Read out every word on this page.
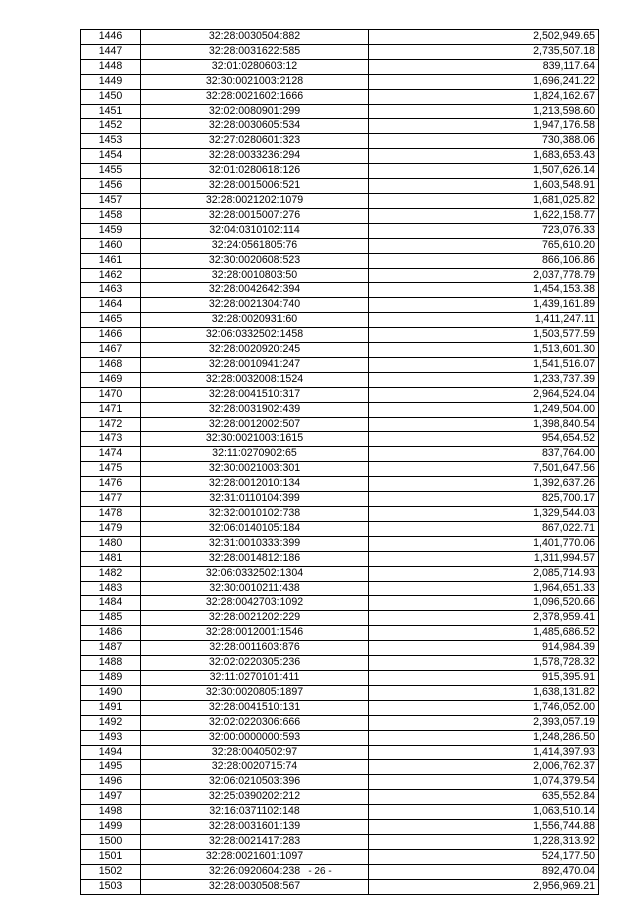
1446	32:28:0030504:882	2,502,949.65
1447	32:28:0031622:585	2,735,507.18
1448	32:01:0280603:12	839,117.64
1449	32:30:0021003:2128	1,696,241.22
1450	32:28:0021602:1666	1,824,162.67
1451	32:02:0080901:299	1,213,598.60
1452	32:28:0030605:534	1,947,176.58
1453	32:27:0280601:323	730,388.06
1454	32:28:0033236:294	1,683,653.43
1455	32:01:0280618:126	1,507,626.14
1456	32:28:0015006:521	1,603,548.91
1457	32:28:0021202:1079	1,681,025.82
1458	32:28:0015007:276	1,622,158.77
1459	32:04:0310102:114	723,076.33
1460	32:24:0561805:76	765,610.20
1461	32:30:0020608:523	866,106.86
1462	32:28:0010803:50	2,037,778.79
1463	32:28:0042642:394	1,454,153.38
1464	32:28:0021304:740	1,439,161.89
1465	32:28:0020931:60	1,411,247.11
1466	32:06:0332502:1458	1,503,577.59
1467	32:28:0020920:245	1,513,601.30
1468	32:28:0010941:247	1,541,516.07
1469	32:28:0032008:1524	1,233,737.39
1470	32:28:0041510:317	2,964,524.04
1471	32:28:0031902:439	1,249,504.00
1472	32:28:0012002:507	1,398,840.54
1473	32:30:0021003:1615	954,654.52
1474	32:11:0270902:65	837,764.00
1475	32:30:0021003:301	7,501,647.56
1476	32:28:0012010:134	1,392,637.26
1477	32:31:0110104:399	825,700.17
1478	32:32:0010102:738	1,329,544.03
1479	32:06:0140105:184	867,022.71
1480	32:31:0010333:399	1,401,770.06
1481	32:28:0014812:186	1,311,994.57
1482	32:06:0332502:1304	2,085,714.93
1483	32:30:0010211:438	1,964,651.33
1484	32:28:0042703:1092	1,096,520.66
1485	32:28:0021202:229	2,378,959.41
1486	32:28:0012001:1546	1,485,686.52
1487	32:28:0011603:876	914,984.39
1488	32:02:0220305:236	1,578,728.32
1489	32:11:0270101:411	915,395.91
1490	32:30:0020805:1897	1,638,131.82
1491	32:28:0041510:131	1,746,052.00
1492	32:02:0220306:666	2,393,057.19
1493	32:00:0000000:593	1,248,286.50
1494	32:28:0040502:97	1,414,397.93
1495	32:28:0020715:74	2,006,762.37
1496	32:06:0210503:396	1,074,379.54
1497	32:25:0390202:212	635,552.84
1498	32:16:0371102:148	1,063,510.14
1499	32:28:0031601:139	1,556,744.88
1500	32:28:0021417:283	1,228,313.92
1501	32:28:0021601:1097	524,177.50
1502	32:26:0920604:238	892,470.04
1503	32:28:0030508:567	2,956,969.21
- 26 -
